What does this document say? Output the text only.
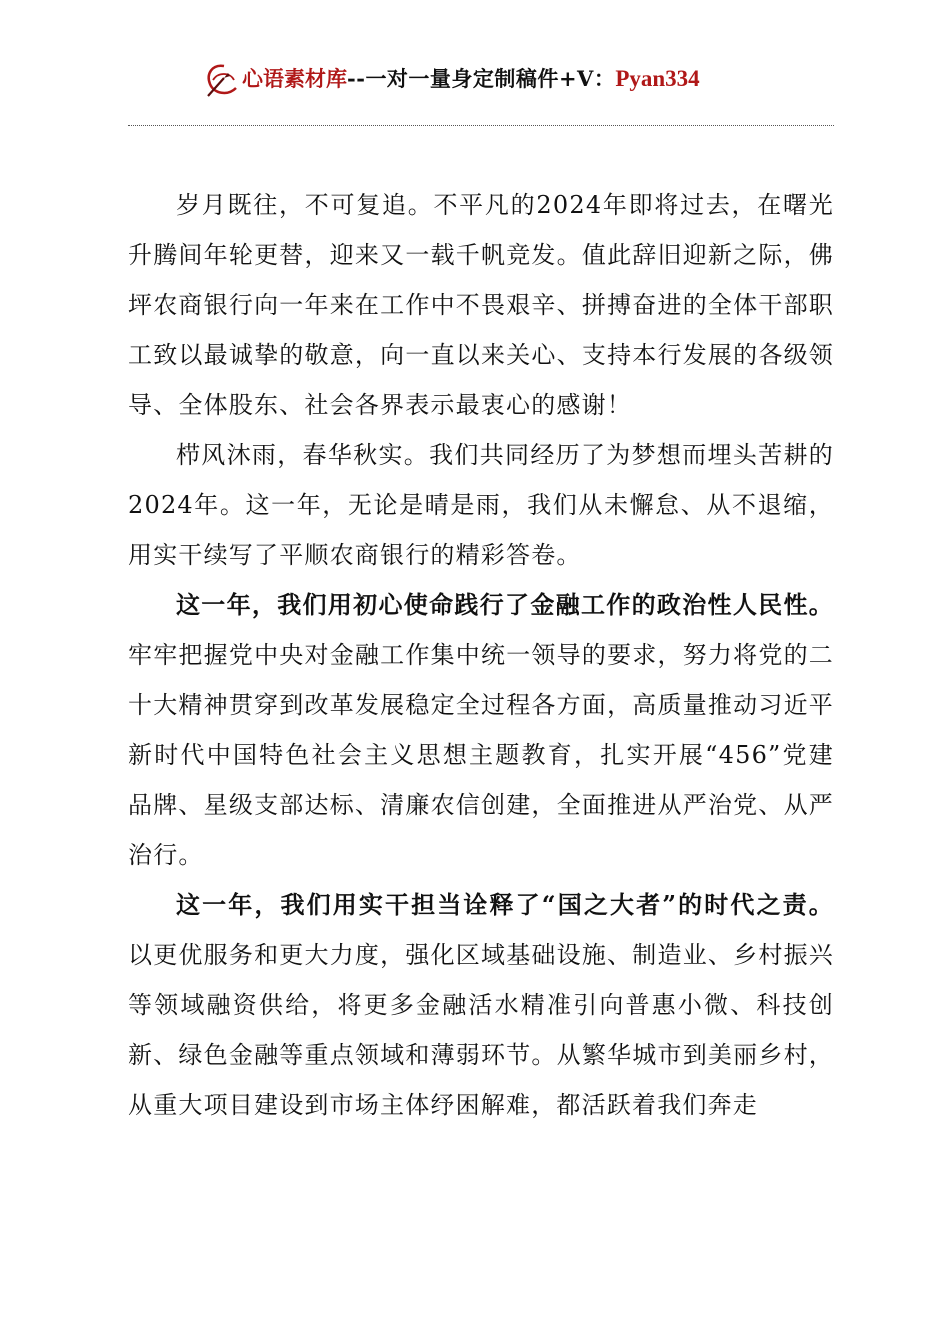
心语素材库--一对一量身定制稿件+V：Pyan334

岁月既往，不可复追。不平凡的2024年即将过去，在曙光升腾间年轮更替，迎来又一载千帆竞发。值此辞旧迎新之际，佛坪农商银行向一年来在工作中不畏艰辛、拼搏奋进的全体干部职工致以最诚挚的敬意，向一直以来关心、支持本行发展的各级领导、全体股东、社会各界表示最衷心的感谢！

栉风沐雨，春华秋实。我们共同经历了为梦想而埋头苦耕的2024年。这一年，无论是晴是雨，我们从未懈怠、从不退缩，用实干续写了平顺农商银行的精彩答卷。

这一年，我们用初心使命践行了金融工作的政治性人民性。牢牢把握党中央对金融工作集中统一领导的要求，努力将党的二十大精神贯穿到改革发展稳定全过程各方面，高质量推动习近平新时代中国特色社会主义思想主题教育，扎实开展“456”党建品牌、星级支部达标、清廉农信创建，全面推进从严治党、从严治行。

这一年，我们用实干担当诠释了“国之大者”的时代之责。以更优服务和更大力度，强化区域基础设施、制造业、乡村振兴等领域融资供给，将更多金融活水精准引向普惠小微、科技创新、绿色金融等重点领域和薄弱环节。从繁华城市到美丽乡村，从重大项目建设到市场主体纾困解难，都活跃着我们奔走
